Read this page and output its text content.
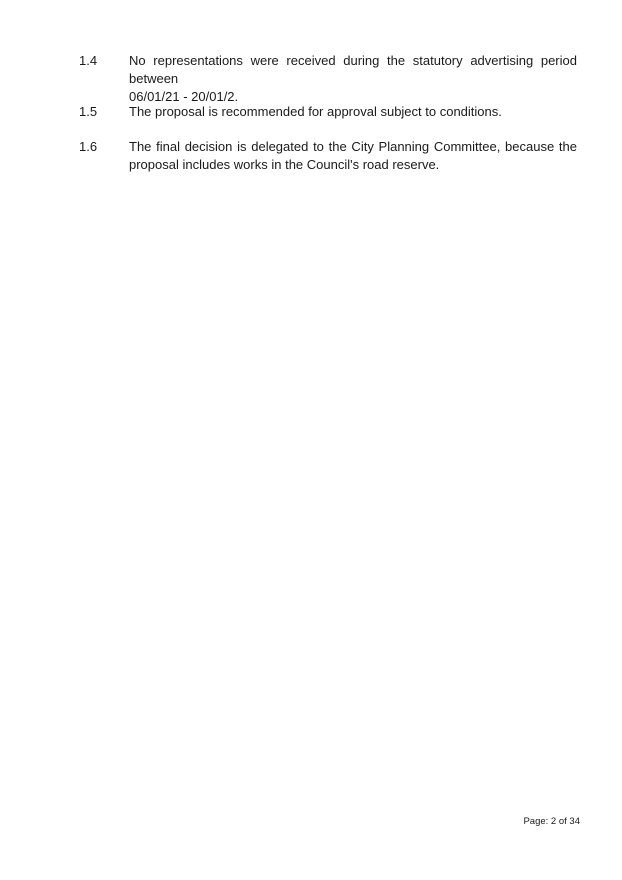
1.4	No representations were received during the statutory advertising period between
06/01/21 - 20/01/2.
1.5	The proposal is recommended for approval subject to conditions.
1.6	The final decision is delegated to the City Planning Committee, because the
proposal includes works in the Council's road reserve.
Page: 2 of 34
